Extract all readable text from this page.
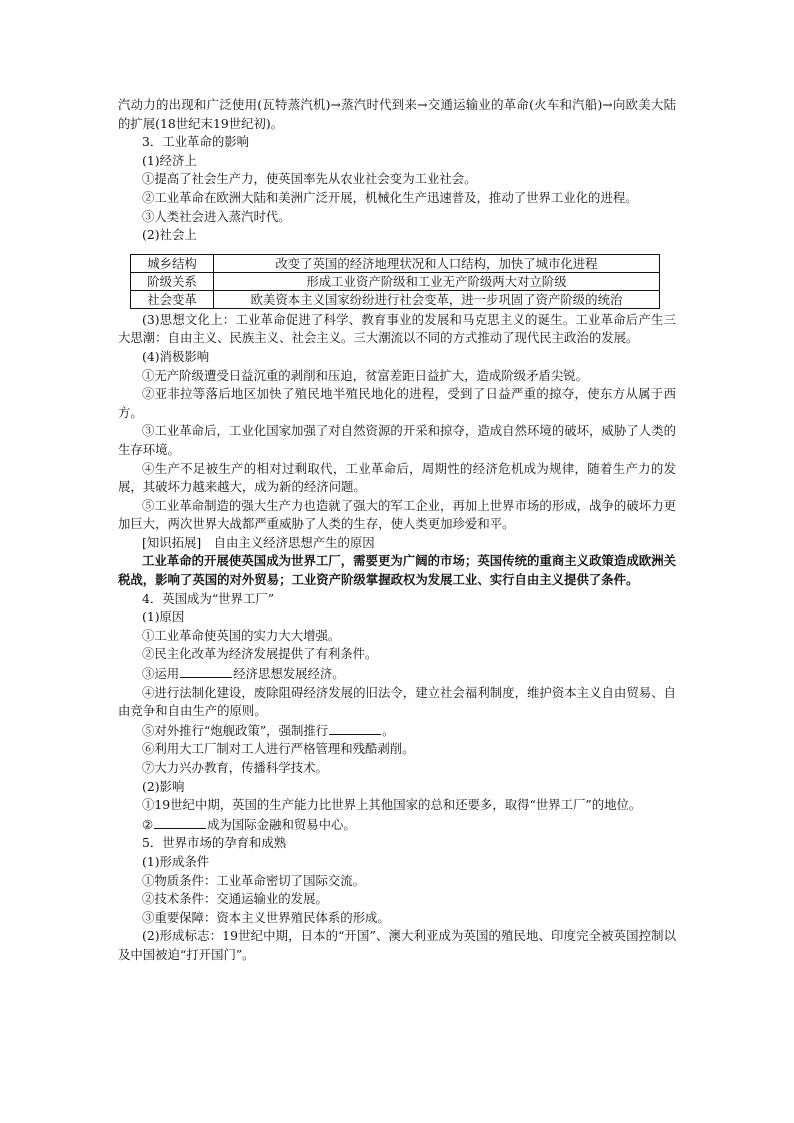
汽动力的出现和广泛使用(瓦特蒸汽机)→蒸汽时代到来→交通运输业的革命(火车和汽船)→向欧美大陆的扩展(18世纪末19世纪初)。

3．工业革命的影响

(1)经济上

①提高了社会生产力，使英国率先从农业社会变为工业社会。

②工业革命在欧洲大陆和美洲广泛开展，机械化生产迅速普及，推动了世界工业化的进程。

③人类社会进入蒸汽时代。

(2)社会上

城乡结构	改变了英国的经济地理状况和人口结构，加快了城市化进程
阶级关系	形成工业资产阶级和工业无产阶级两大对立阶级
社会变革	欧美资本主义国家纷纷进行社会变革，进一步巩固了资产阶级的统治

(3)思想文化上：工业革命促进了科学、教育事业的发展和马克思主义的诞生。工业革命后产生三大思潮：自由主义、民族主义、社会主义。三大潮流以不同的方式推动了现代民主政治的发展。

(4)消极影响

①无产阶级遭受日益沉重的剥削和压迫，贫富差距日益扩大，造成阶级矛盾尖锐。

②亚非拉等落后地区加快了殖民地半殖民地化的进程，受到了日益严重的掠夺，使东方从属于西方。

③工业革命后，工业化国家加强了对自然资源的开采和掠夺，造成自然环境的破坏，威胁了人类的生存环境。

④生产不足被生产的相对过剩取代，工业革命后，周期性的经济危机成为规律，随着生产力的发展，其破坏力越来越大，成为新的经济问题。

⑤工业革命制造的强大生产力也造就了强大的军工企业，再加上世界市场的形成，战争的破坏力更加巨大，两次世界大战都严重威胁了人类的生存，使人类更加珍爱和平。

[知识拓展]　自由主义经济思想产生的原因

工业革命的开展使英国成为世界工厂，需要更为广阔的市场；英国传统的重商主义政策造成欧洲关税战，影响了英国的对外贸易；工业资产阶级掌握政权为发展工业、实行自由主义提供了条件。

4．英国成为“世界工厂”

(1)原因

①工业革命使英国的实力大大增强。

②民主化改革为经济发展提供了有利条件。

③运用	经济思想发展经济。

④进行法制化建设，废除阻碍经济发展的旧法令，建立社会福利制度，维护资本主义自由贸易、自由竞争和自由生产的原则。

⑤对外推行“炮舰政策”，强制推行	。

⑥利用大工厂制对工人进行严格管理和残酷剥削。

⑦大力兴办教育，传播科学技术。

(2)影响

①19世纪中期，英国的生产能力比世界上其他国家的总和还要多，取得“世界工厂”的地位。

②	成为国际金融和贸易中心。

5．世界市场的孕育和成熟

(1)形成条件

①物质条件：工业革命密切了国际交流。

②技术条件：交通运输业的发展。

③重要保障：资本主义世界殖民体系的形成。

(2)形成标志：19世纪中期，日本的“开国”、澳大利亚成为英国的殖民地、印度完全被英国控制以及中国被迫“打开国门”。
